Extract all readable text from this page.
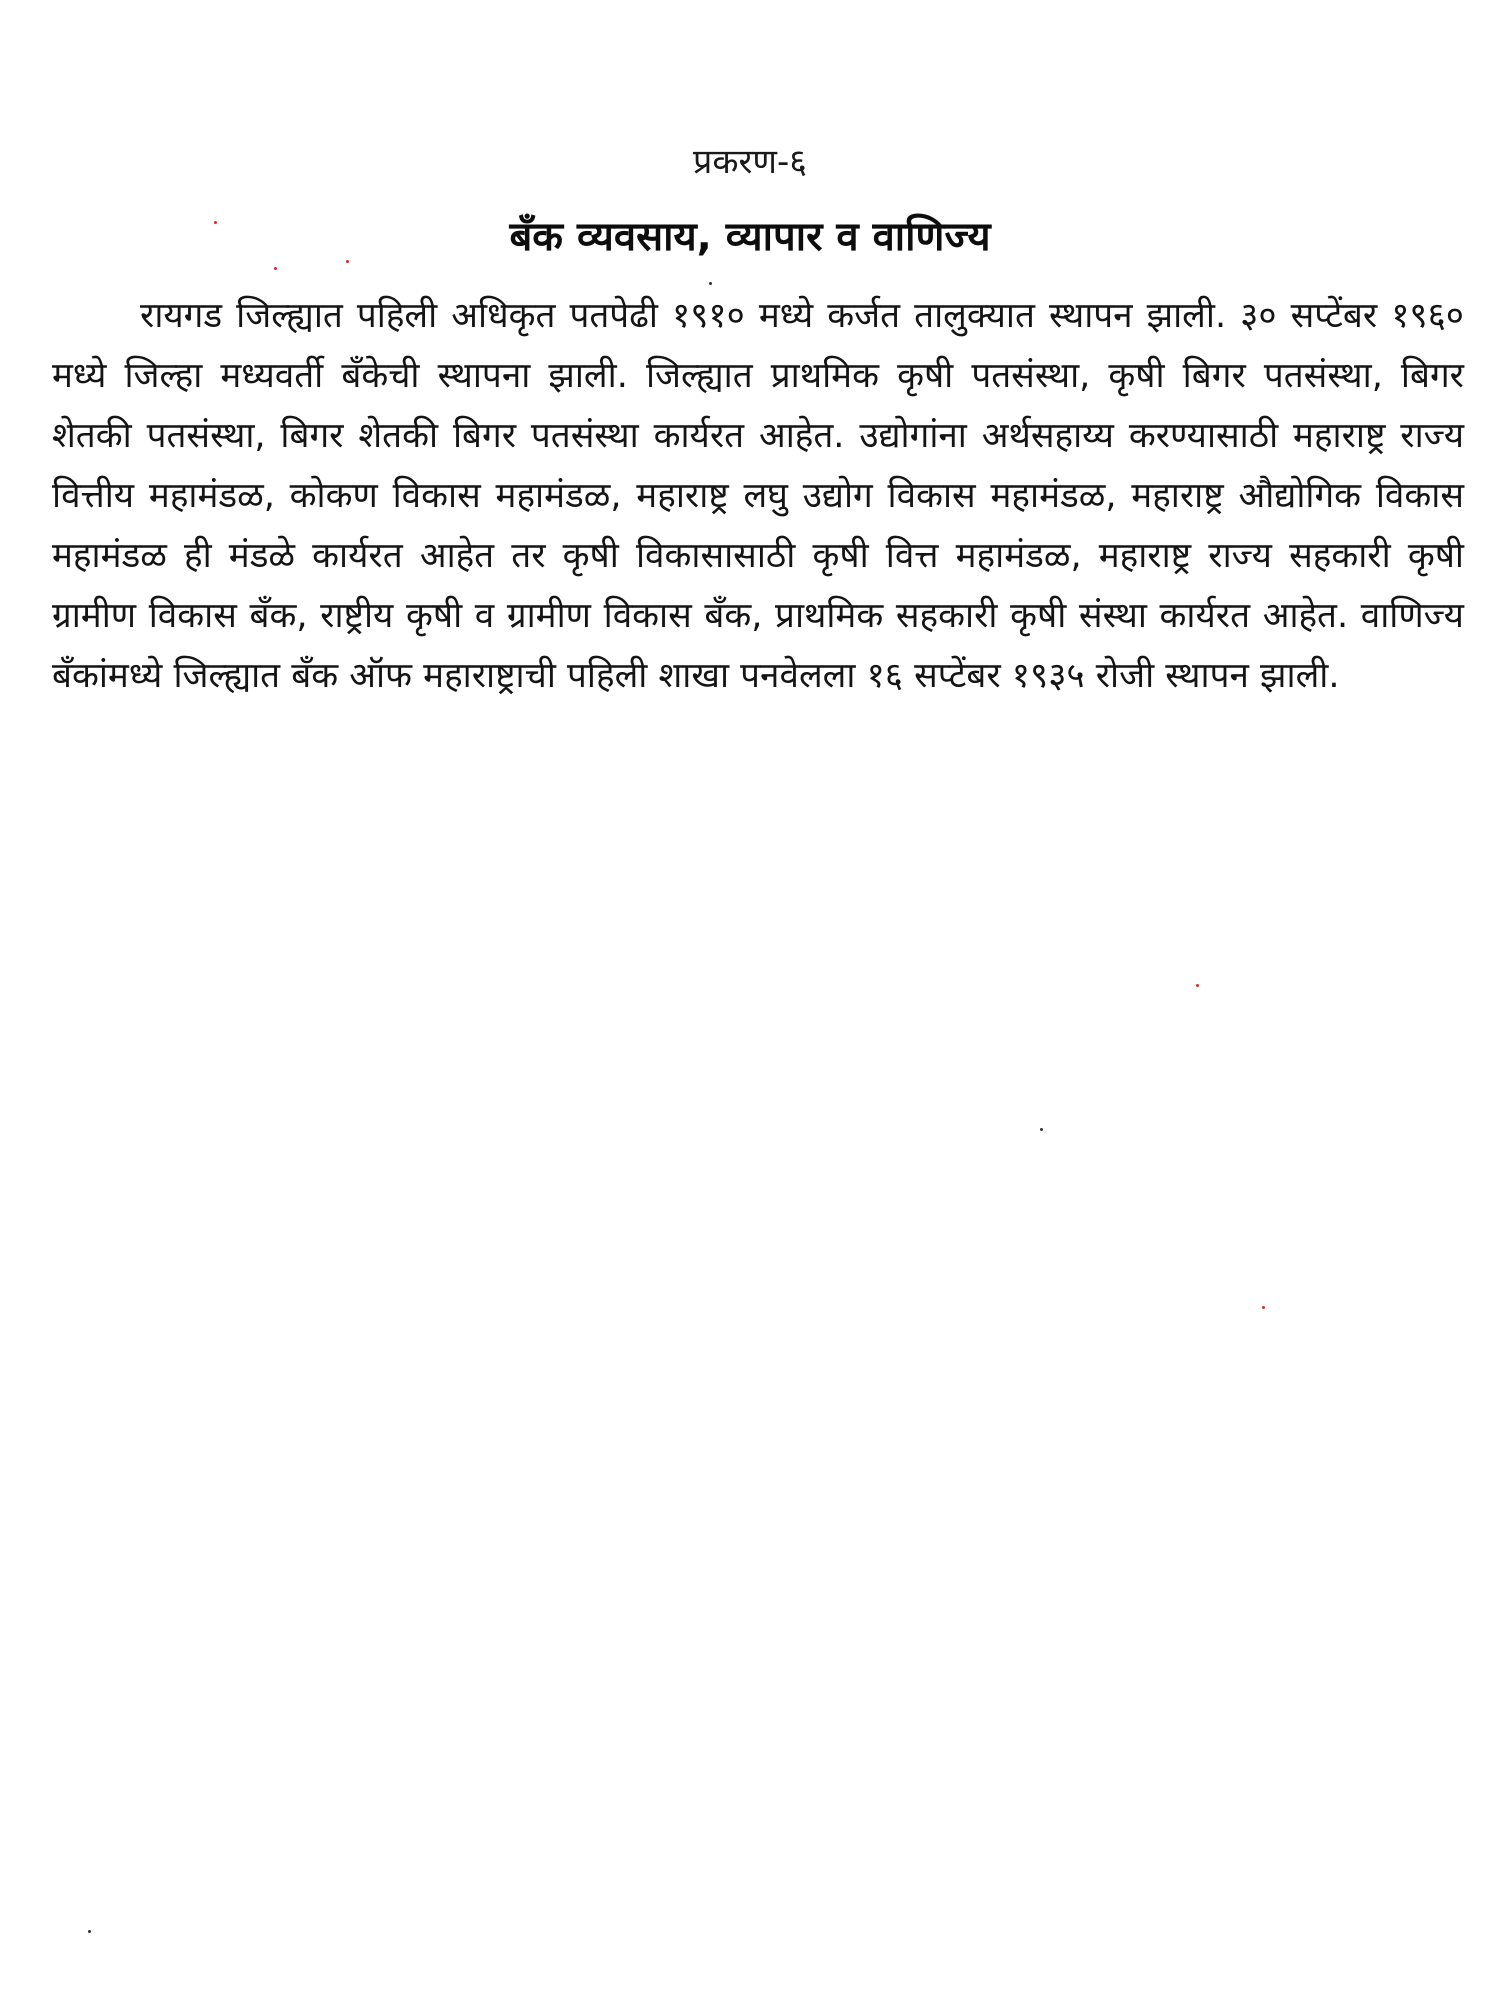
प्रकरण-६
बँक व्यवसाय, व्यापार व वाणिज्य

रायगड जिल्ह्यात पहिली अधिकृत पतपेढी १९१० मध्ये कर्जत तालुक्यात स्थापन झाली. ३० सप्टेंबर १९६० मध्ये जिल्हा मध्यवर्ती बँकेची स्थापना झाली. जिल्ह्यात प्राथमिक कृषी पतसंस्था, कृषी बिगर पतसंस्था, बिगर शेतकी पतसंस्था, बिगर शेतकी बिगर पतसंस्था कार्यरत आहेत. उद्योगांना अर्थसहाय्य करण्यासाठी महाराष्ट्र राज्य वित्तीय महामंडळ, कोकण विकास महामंडळ, महाराष्ट्र लघु उद्योग विकास महामंडळ, महाराष्ट्र औद्योगिक विकास महामंडळ ही मंडळे कार्यरत आहेत तर कृषी विकासासाठी कृषी वित्त महामंडळ, महाराष्ट्र राज्य सहकारी कृषी ग्रामीण विकास बँक, राष्ट्रीय कृषी व ग्रामीण विकास बँक, प्राथमिक सहकारी कृषी संस्था कार्यरत आहेत. वाणिज्य बँकांमध्ये जिल्ह्यात बँक ऑफ महाराष्ट्राची पहिली शाखा पनवेलला १६ सप्टेंबर १९३५ रोजी स्थापन झाली.
